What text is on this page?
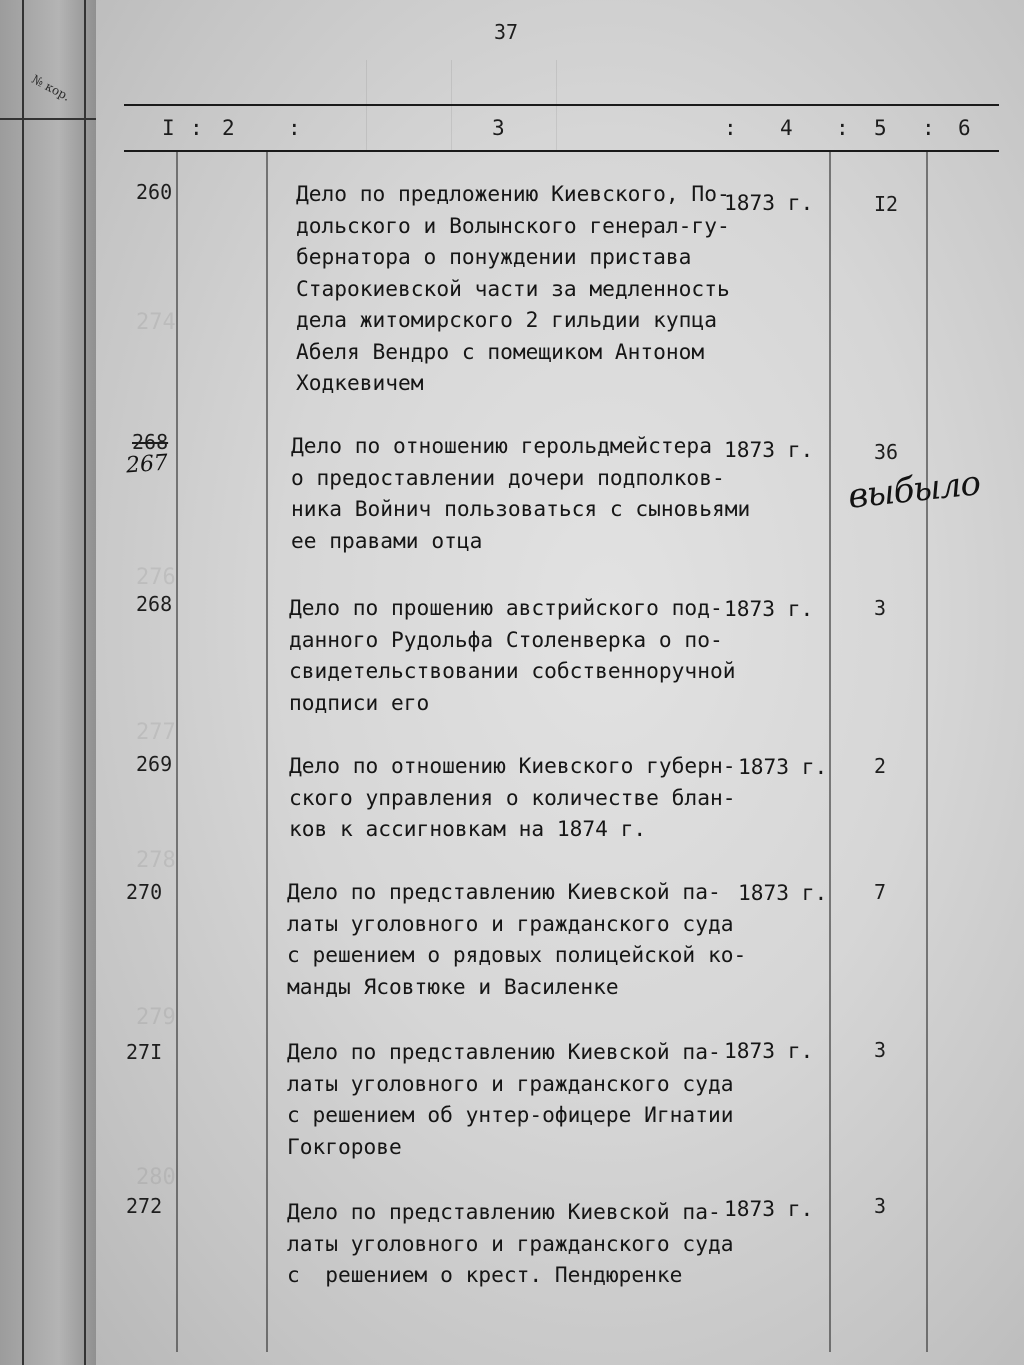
№ кор.
274
276
277
278
279
280
37
I : 2	:	3	: 4 : 5 : 6
260	Дело по предложению Киевского, По-
дольского и Волынского генерал-гу-
бернатора о понуждении пристава
Старокиевской части за медленность
дела житомирского 2 гильдии купца
Абеля Вендро с помещиком Антоном
Ходкевичем
1873 г.	I2
268
267
Дело по отношению герольдмейстера
о предоставлении дочери подполков-
ника Войнич пользоваться с сыновьями
ее правами отца
1873 г.	36
выбыло
268	Дело по прошению австрийского под-
данного Рудольфа Столенверка о по-
свидетельствовании собственноручной
подписи его
1873 г.	3
269	Дело по отношению Киевского губерн-
ского управления о количестве блан-
ков к ассигновкам на 1874 г.
1873 г. 2
270	Дело по представлению Киевской па-
латы уголовного и гражданского суда
с решением о рядовых полицейской ко-
манды Ясовтюке и Василенке
1873 г. 7
27I	Дело по представлению Киевской па-
латы уголовного и гражданского суда
с решением об унтер-офицере Игнатии
Гокгорове
1873 г.	3
272	Дело по представлению Киевской па-
латы уголовного и гражданского суда
с  решением о крест. Пендюренке
1873 г.	3
